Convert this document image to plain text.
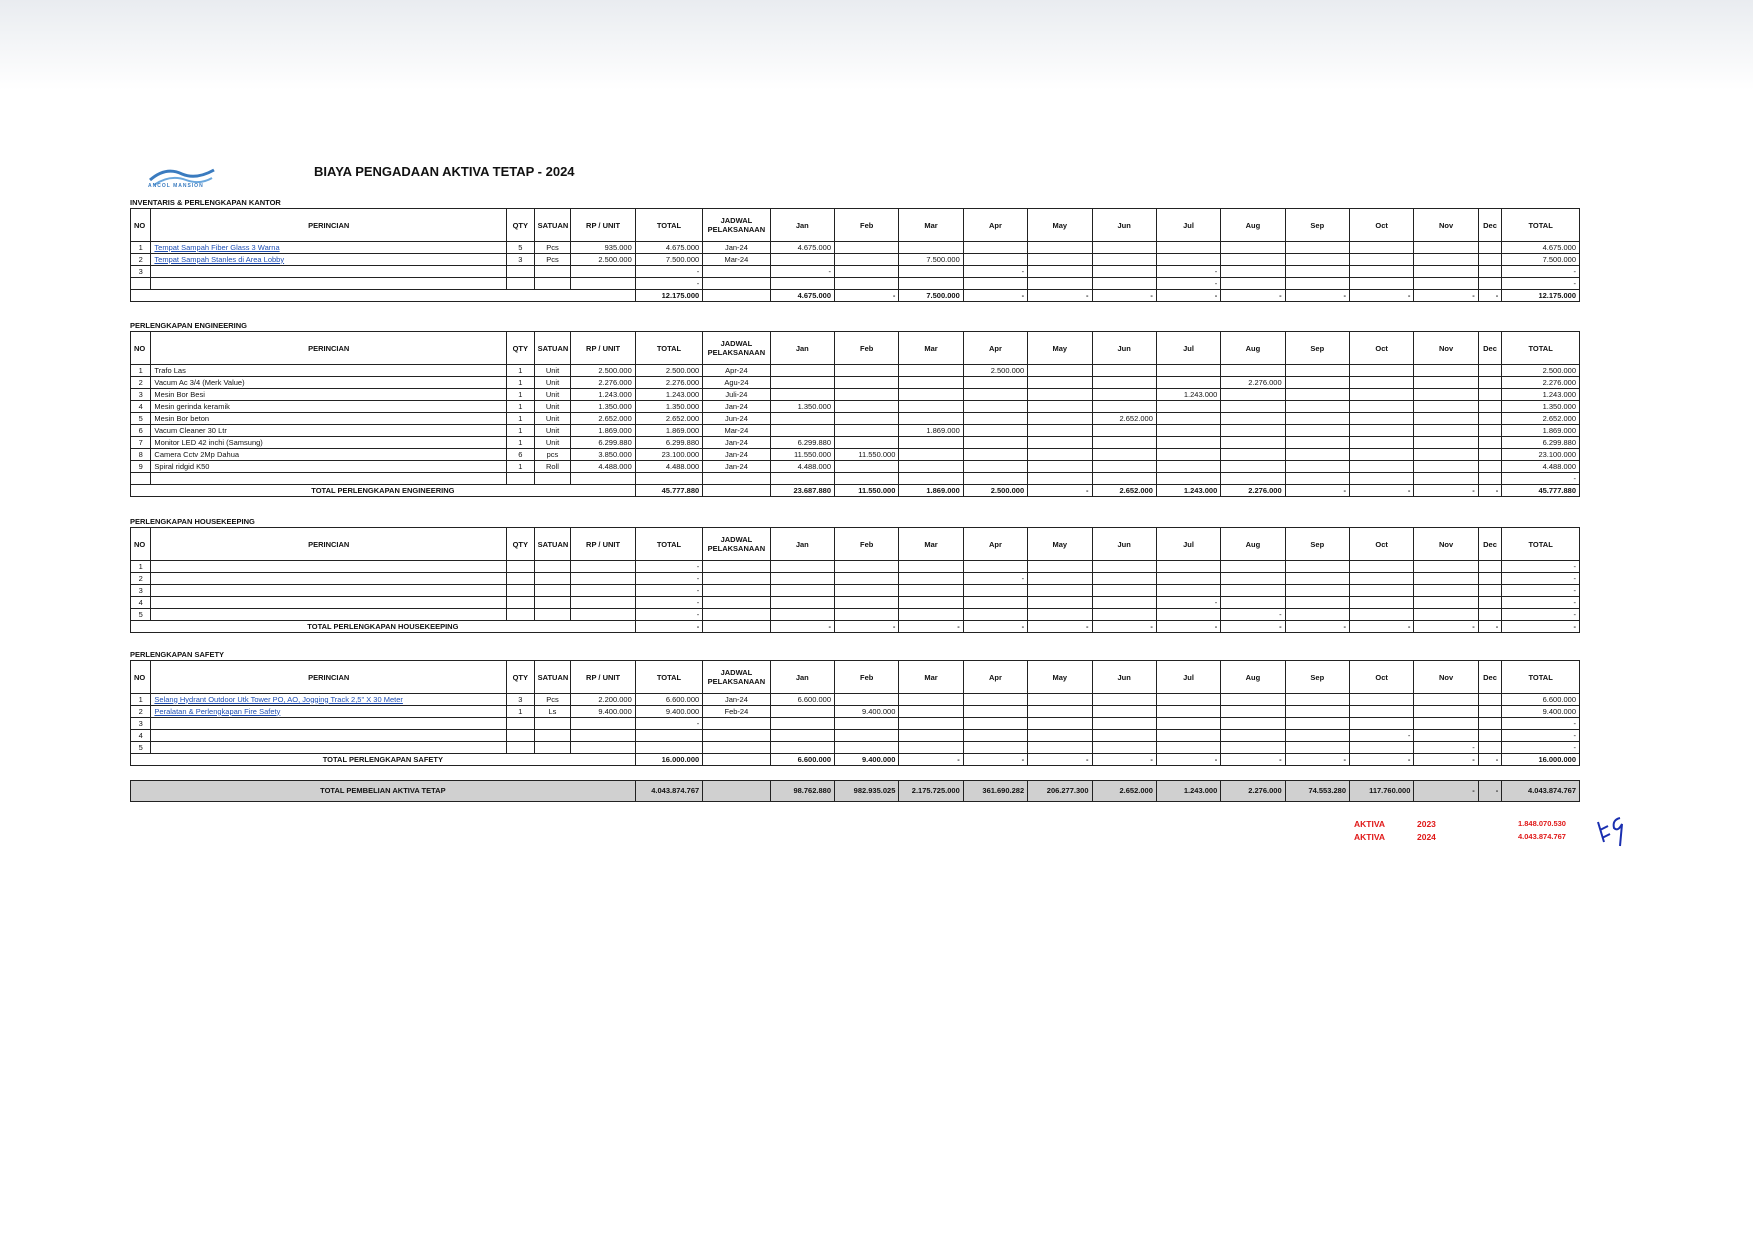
ANCOL MANSION
BIAYA PENGADAAN AKTIVA TETAP - 2024
INVENTARIS & PERLENGKAPAN KANTOR
NO	PERINCIAN	QTY	SATUAN	RP / UNIT	TOTAL	JADWAL PELAKSANAAN	Jan	Feb	Mar	Apr	May	Jun	Jul	Aug	Sep	Oct	Nov	Dec	TOTAL
1	Tempat Sampah Fiber Glass 3 Warna	5	Pcs	935.000	4.675.000	Jan-24	4.675.000												4.675.000
2	Tempat Sampah Stanles di Area Lobby	3	Pcs	2.500.000	7.500.000	Mar-24			7.500.000										7.500.000
3					-		-			-			-						-
					-								-						-
					12.175.000		4.675.000	-	7.500.000	-	-	-	-	-	-	-	-	-	12.175.000
PERLENGKAPAN ENGINEERING
NO	PERINCIAN	QTY	SATUAN	RP / UNIT	TOTAL	JADWAL PELAKSANAAN	Jan	Feb	Mar	Apr	May	Jun	Jul	Aug	Sep	Oct	Nov	Dec	TOTAL
1	Trafo Las	1	Unit	2.500.000	2.500.000	Apr-24				2.500.000									2.500.000
2	Vacum Ac 3/4 (Merk Value)	1	Unit	2.276.000	2.276.000	Agu-24								2.276.000					2.276.000
3	Mesin Bor Besi	1	Unit	1.243.000	1.243.000	Juli-24							1.243.000						1.243.000
4	Mesin gerinda keramik	1	Unit	1.350.000	1.350.000	Jan-24	1.350.000												1.350.000
5	Mesin Bor beton	1	Unit	2.652.000	2.652.000	Jun-24						2.652.000							2.652.000
6	Vacum Cleaner 30 Ltr	1	Unit	1.869.000	1.869.000	Mar-24			1.869.000										1.869.000
7	Monitor LED 42 inchi (Samsung)	1	Unit	6.299.880	6.299.880	Jan-24	6.299.880												6.299.880
8	Camera Cctv 2Mp Dahua	6	pcs	3.850.000	23.100.000	Jan-24	11.550.000	11.550.000											23.100.000
9	Spiral ridgid K50	1	Roll	4.488.000	4.488.000	Jan-24	4.488.000												4.488.000
																			-
TOTAL PERLENGKAPAN ENGINEERING					45.777.880		23.687.880	11.550.000	1.869.000	2.500.000	-	2.652.000	1.243.000	2.276.000	-	-	-	-	45.777.880
PERLENGKAPAN HOUSEKEEPING
NO	PERINCIAN	QTY	SATUAN	RP / UNIT	TOTAL	JADWAL PELAKSANAAN	Jan	Feb	Mar	Apr	May	Jun	Jul	Aug	Sep	Oct	Nov	Dec	TOTAL
1					-														-
2					-					-									-
3					-														-
4					-								-						-
5					-									-					-
TOTAL PERLENGKAPAN HOUSEKEEPING					-		-	-	-	-	-	-	-	-	-	-	-	-	-
PERLENGKAPAN SAFETY
NO	PERINCIAN	QTY	SATUAN	RP / UNIT	TOTAL	JADWAL PELAKSANAAN	Jan	Feb	Mar	Apr	May	Jun	Jul	Aug	Sep	Oct	Nov	Dec	TOTAL
1	Selang Hydrant Outdoor Utk Tower PO, AO, Jogging Track 2,5" X 30 Meter	3	Pcs	2.200.000	6.600.000	Jan-24	6.600.000												6.600.000
2	Peralatan & Perlengkapan Fire Safety	1	Ls	9.400.000	9.400.000	Feb-24		9.400.000											9.400.000
3					-														-
4																-			-
5																	-		-
TOTAL PERLENGKAPAN SAFETY					16.000.000		6.600.000	9.400.000	-	-	-	-	-	-	-	-	-	-	16.000.000
TOTAL PEMBELIAN AKTIVA TETAP	4.043.874.767		98.762.880	982.935.025	2.175.725.000	361.690.282	206.277.300	2.652.000	1.243.000	2.276.000	74.553.280	117.760.000	-	-	4.043.874.767
AKTIVA	2023	1.848.070.530
AKTIVA	2024	4.043.874.767
